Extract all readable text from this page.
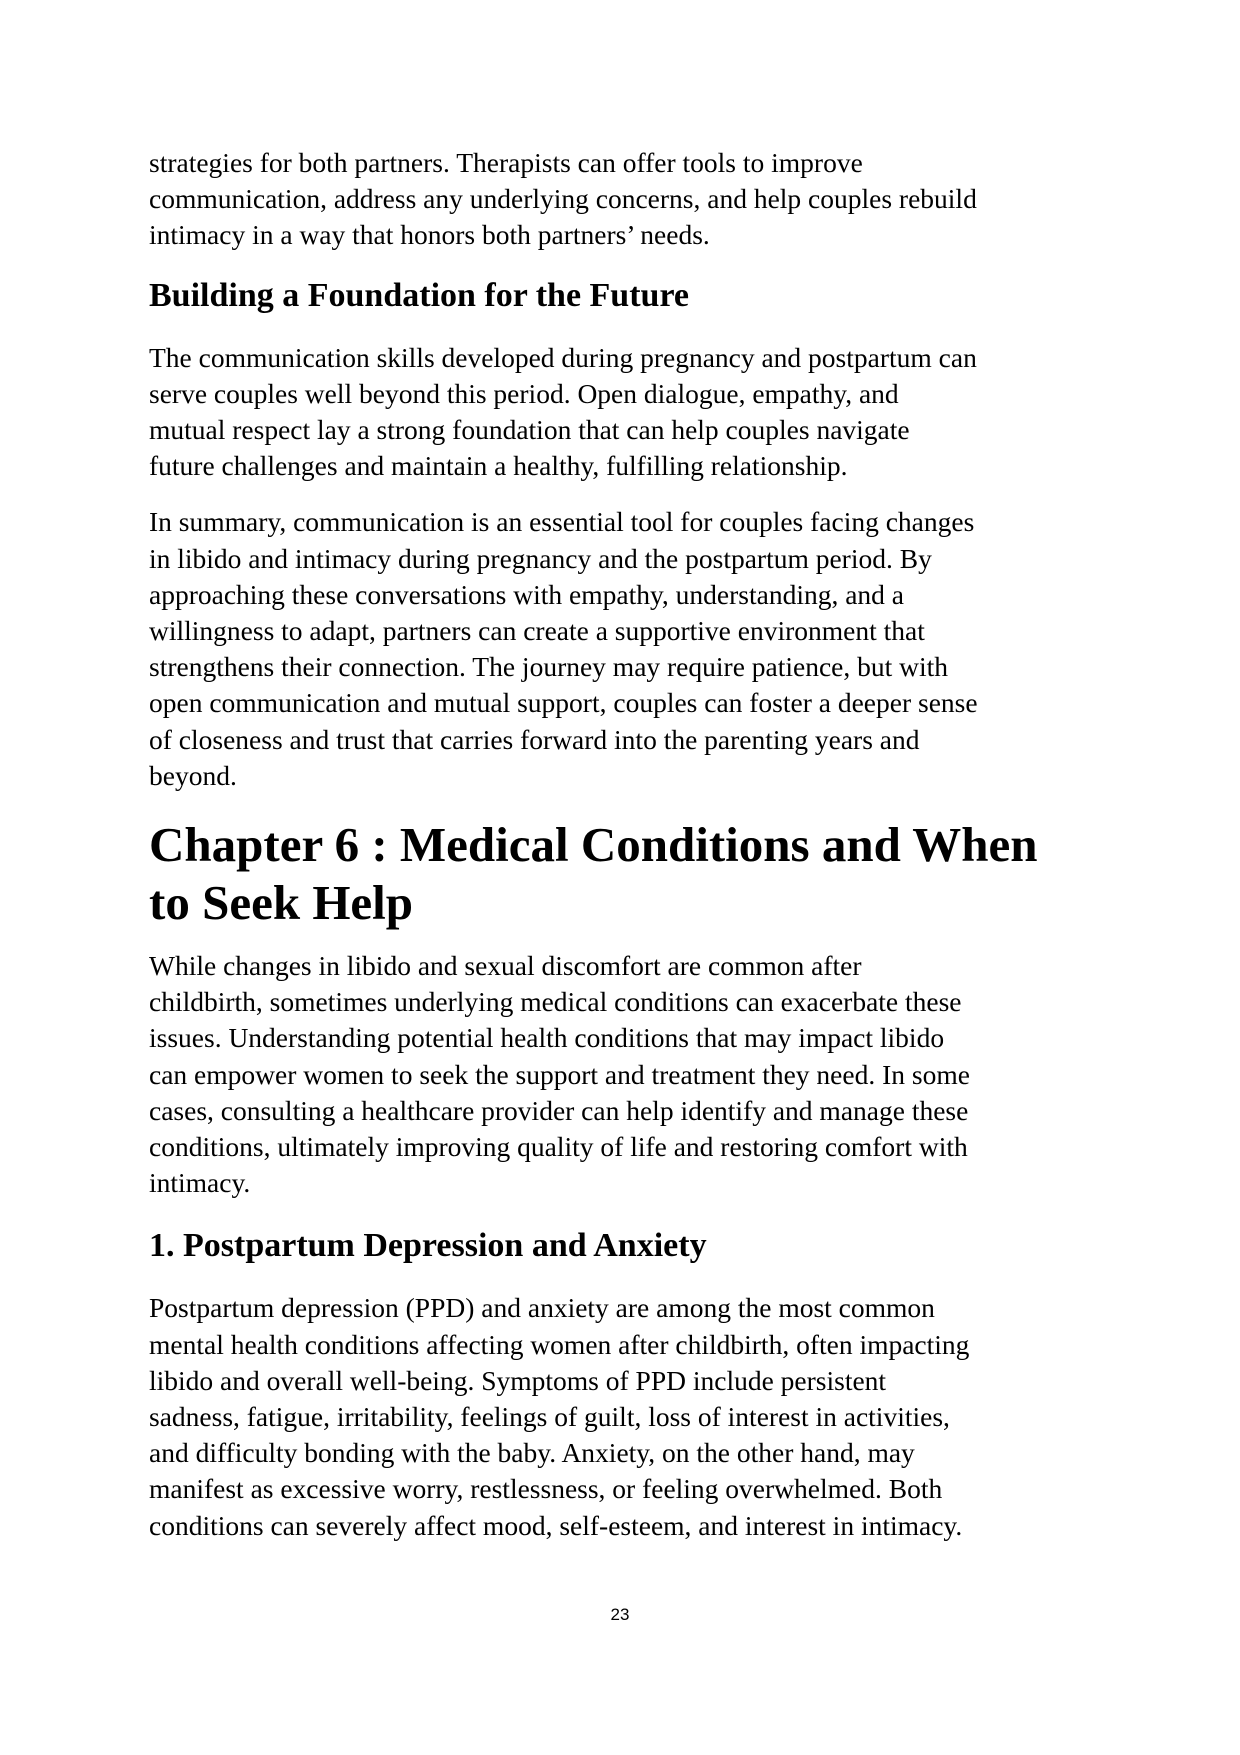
strategies for both partners. Therapists can offer tools to improve
communication, address any underlying concerns, and help couples rebuild
intimacy in a way that honors both partners’ needs.

Building a Foundation for the Future

The communication skills developed during pregnancy and postpartum can
serve couples well beyond this period. Open dialogue, empathy, and
mutual respect lay a strong foundation that can help couples navigate
future challenges and maintain a healthy, fulfilling relationship.

In summary, communication is an essential tool for couples facing changes
in libido and intimacy during pregnancy and the postpartum period. By
approaching these conversations with empathy, understanding, and a
willingness to adapt, partners can create a supportive environment that
strengthens their connection. The journey may require patience, but with
open communication and mutual support, couples can foster a deeper sense
of closeness and trust that carries forward into the parenting years and
beyond.

Chapter 6 : Medical Conditions and When
to Seek Help

While changes in libido and sexual discomfort are common after
childbirth, sometimes underlying medical conditions can exacerbate these
issues. Understanding potential health conditions that may impact libido
can empower women to seek the support and treatment they need. In some
cases, consulting a healthcare provider can help identify and manage these
conditions, ultimately improving quality of life and restoring comfort with
intimacy.

1. Postpartum Depression and Anxiety

Postpartum depression (PPD) and anxiety are among the most common
mental health conditions affecting women after childbirth, often impacting
libido and overall well-being. Symptoms of PPD include persistent
sadness, fatigue, irritability, feelings of guilt, loss of interest in activities,
and difficulty bonding with the baby. Anxiety, on the other hand, may
manifest as excessive worry, restlessness, or feeling overwhelmed. Both
conditions can severely affect mood, self-esteem, and interest in intimacy.

23
